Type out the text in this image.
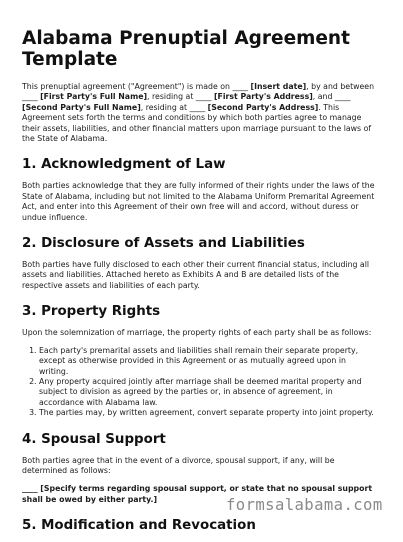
Alabama Prenuptial Agreement
Template

This prenuptial agreement ("Agreement") is made on ____ [Insert date], by and between
____ [First Party's Full Name], residing at ____ [First Party's Address], and ____
[Second Party's Full Name], residing at ____ [Second Party's Address]. This
Agreement sets forth the terms and conditions by which both parties agree to manage
their assets, liabilities, and other financial matters upon marriage pursuant to the laws of
the State of Alabama.

1. Acknowledgment of Law

Both parties acknowledge that they are fully informed of their rights under the laws of the
State of Alabama, including but not limited to the Alabama Uniform Premarital Agreement
Act, and enter into this Agreement of their own free will and accord, without duress or
undue influence.

2. Disclosure of Assets and Liabilities

Both parties have fully disclosed to each other their current financial status, including all
assets and liabilities. Attached hereto as Exhibits A and B are detailed lists of the
respective assets and liabilities of each party.

3. Property Rights

Upon the solemnization of marriage, the property rights of each party shall be as follows:

1. Each party's premarital assets and liabilities shall remain their separate property,
except as otherwise provided in this Agreement or as mutually agreed upon in
writing.
2. Any property acquired jointly after marriage shall be deemed marital property and
subject to division as agreed by the parties or, in absence of agreement, in
accordance with Alabama law.
3. The parties may, by written agreement, convert separate property into joint property.
4. Spousal Support

Both parties agree that in the event of a divorce, spousal support, if any, will be
determined as follows:

____ [Specify terms regarding spousal support, or state that no spousal support
shall be owed by either party.]

5. Modification and Revocation
formsalabama.com
